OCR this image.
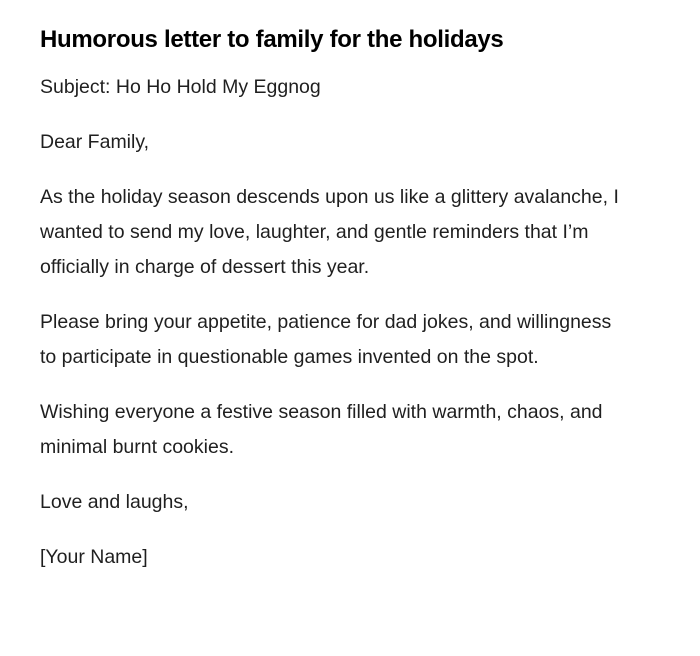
Humorous letter to family for the holidays

Subject: Ho Ho Hold My Eggnog

Dear Family,

As the holiday season descends upon us like a glittery avalanche, I wanted to send my love, laughter, and gentle reminders that I’m officially in charge of dessert this year.

Please bring your appetite, patience for dad jokes, and willingness to participate in questionable games invented on the spot.

Wishing everyone a festive season filled with warmth, chaos, and minimal burnt cookies.

Love and laughs,

[Your Name]
